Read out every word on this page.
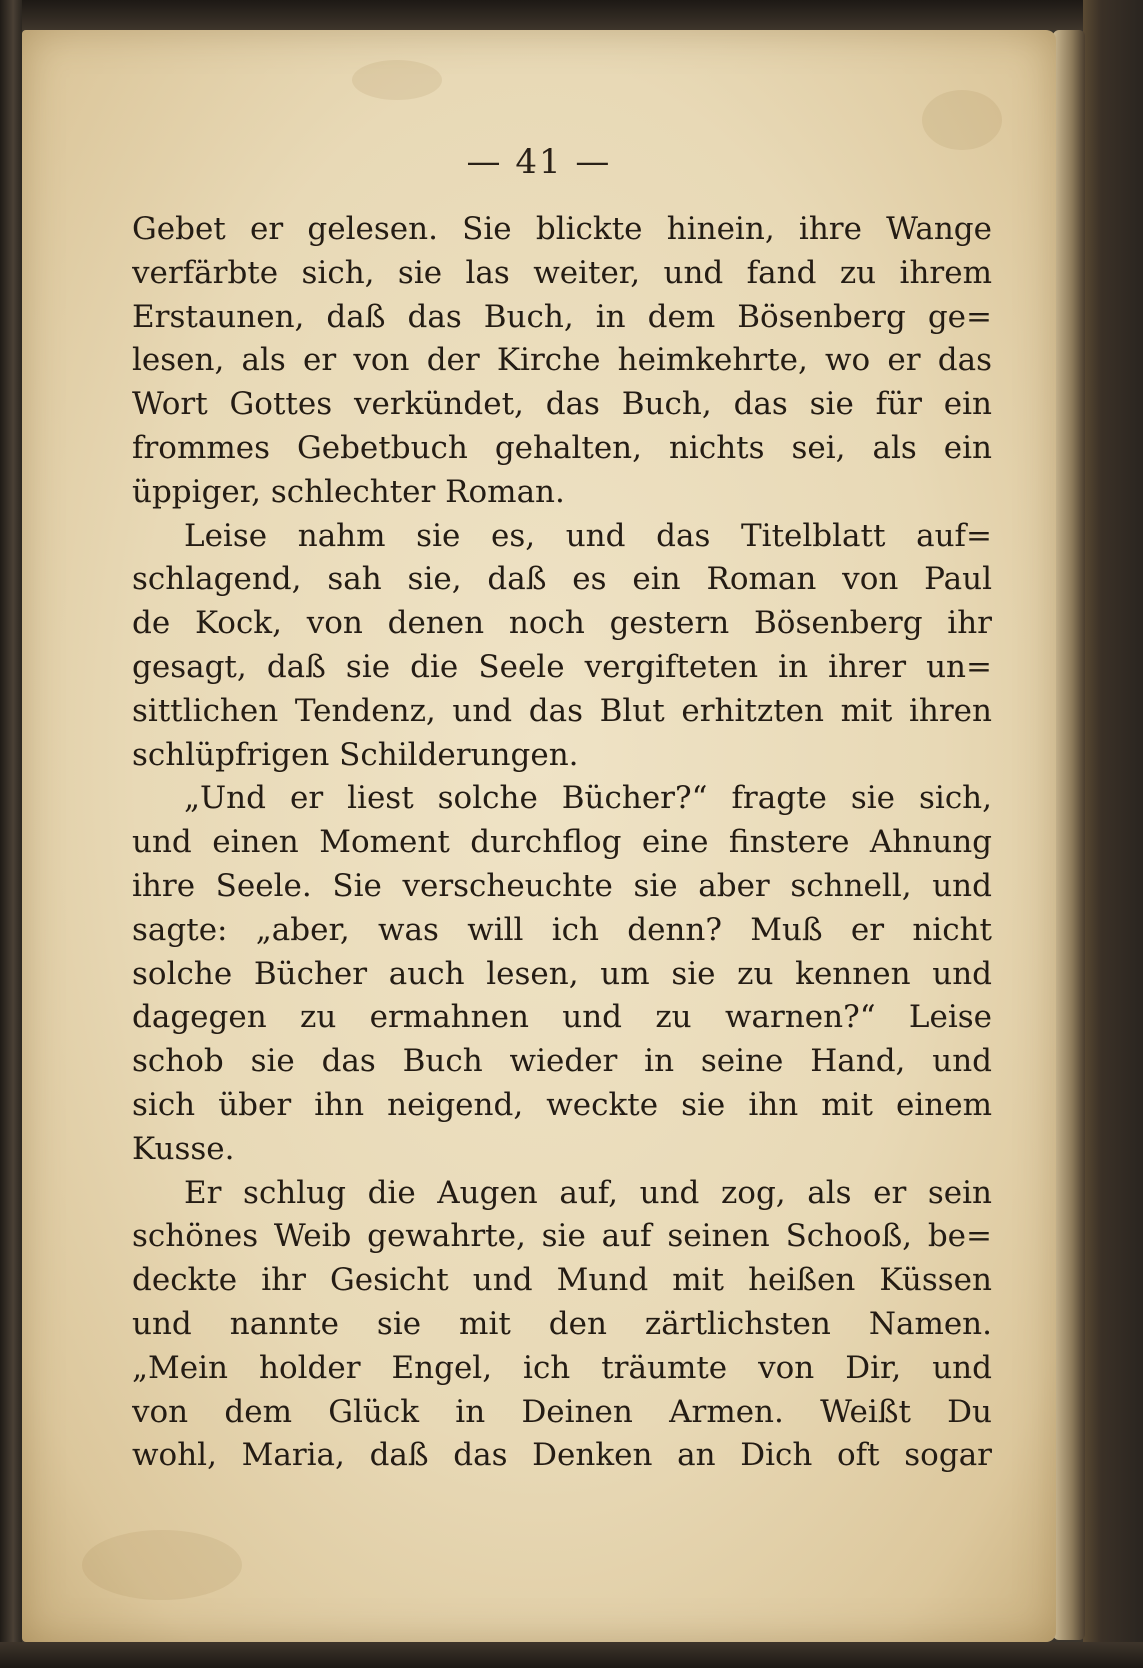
— 41 —
Gebet er gelesen. Sie blickte hinein, ihre Wange
verfärbte sich, sie las weiter, und fand zu ihrem
Erstaunen, daß das Buch, in dem Bösenberg ge=
lesen, als er von der Kirche heimkehrte, wo er das
Wort Gottes verkündet, das Buch, das sie für ein
frommes Gebetbuch gehalten, nichts sei, als ein
üppiger, schlechter Roman.
Leise nahm sie es, und das Titelblatt auf=
schlagend, sah sie, daß es ein Roman von Paul
de Kock, von denen noch gestern Bösenberg ihr
gesagt, daß sie die Seele vergifteten in ihrer un=
sittlichen Tendenz, und das Blut erhitzten mit ihren
schlüpfrigen Schilderungen.
„Und er liest solche Bücher?“ fragte sie sich,
und einen Moment durchflog eine finstere Ahnung
ihre Seele. Sie verscheuchte sie aber schnell, und
sagte: „aber, was will ich denn? Muß er nicht
solche Bücher auch lesen, um sie zu kennen und
dagegen zu ermahnen und zu warnen?“ Leise
schob sie das Buch wieder in seine Hand, und
sich über ihn neigend, weckte sie ihn mit einem
Kusse.
Er schlug die Augen auf, und zog, als er sein
schönes Weib gewahrte, sie auf seinen Schooß, be=
deckte ihr Gesicht und Mund mit heißen Küssen
und nannte sie mit den zärtlichsten Namen.
„Mein holder Engel, ich träumte von Dir, und
von dem Glück in Deinen Armen. Weißt Du
wohl, Maria, daß das Denken an Dich oft sogar
